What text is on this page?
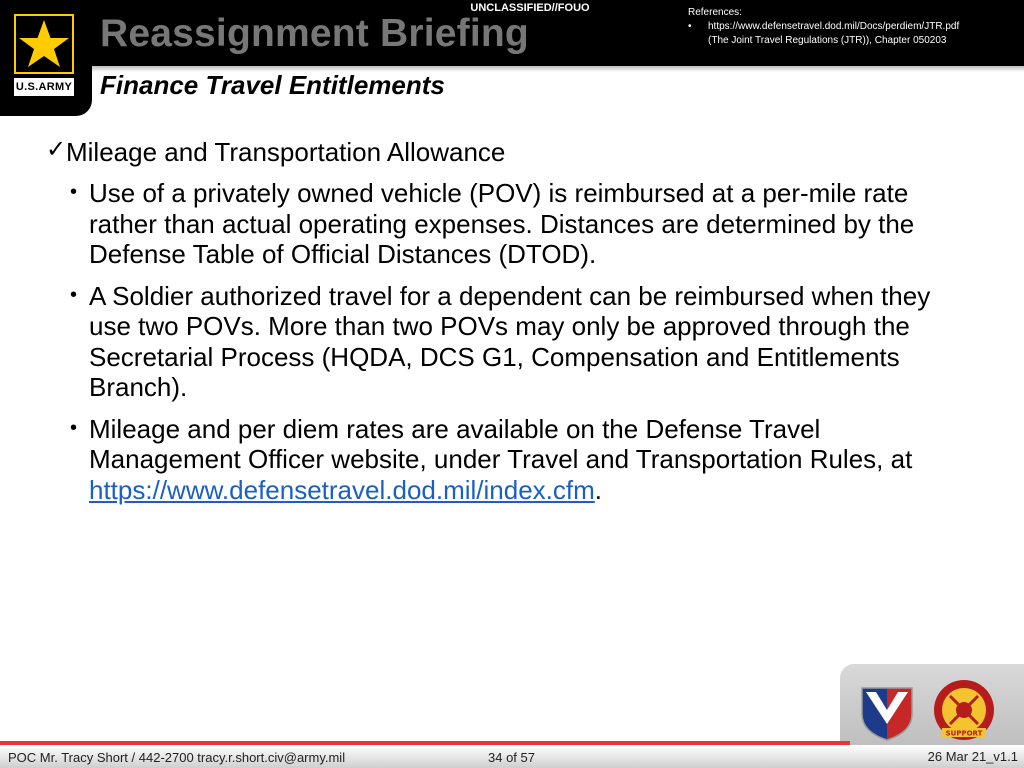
U.S.ARMY
UNCLASSIFIED//FOUO
Reassignment Briefing
Finance Travel Entitlements
References:
• https://www.defensetravel.dod.mil/Docs/perdiem/JTR.pdf
(The Joint Travel Regulations (JTR)), Chapter 050203
✓ Mileage and Transportation Allowance
• Use of a privately owned vehicle (POV) is reimbursed at a per-mile rate rather than actual operating expenses. Distances are determined by the Defense Table of Official Distances (DTOD).
• A Soldier authorized travel for a dependent can be reimbursed when they use two POVs. More than two POVs may only be approved through the Secretarial Process (HQDA, DCS G1, Compensation and Entitlements Branch).
• Mileage and per diem rates are available on the Defense Travel Management Officer website, under Travel and Transportation Rules, at https://www.defensetravel.dod.mil/index.cfm.
SUPPORT
POC Mr. Tracy Short / 442-2700 tracy.r.short.civ@army.mil	34 of 57	26 Mar 21_v1.1
